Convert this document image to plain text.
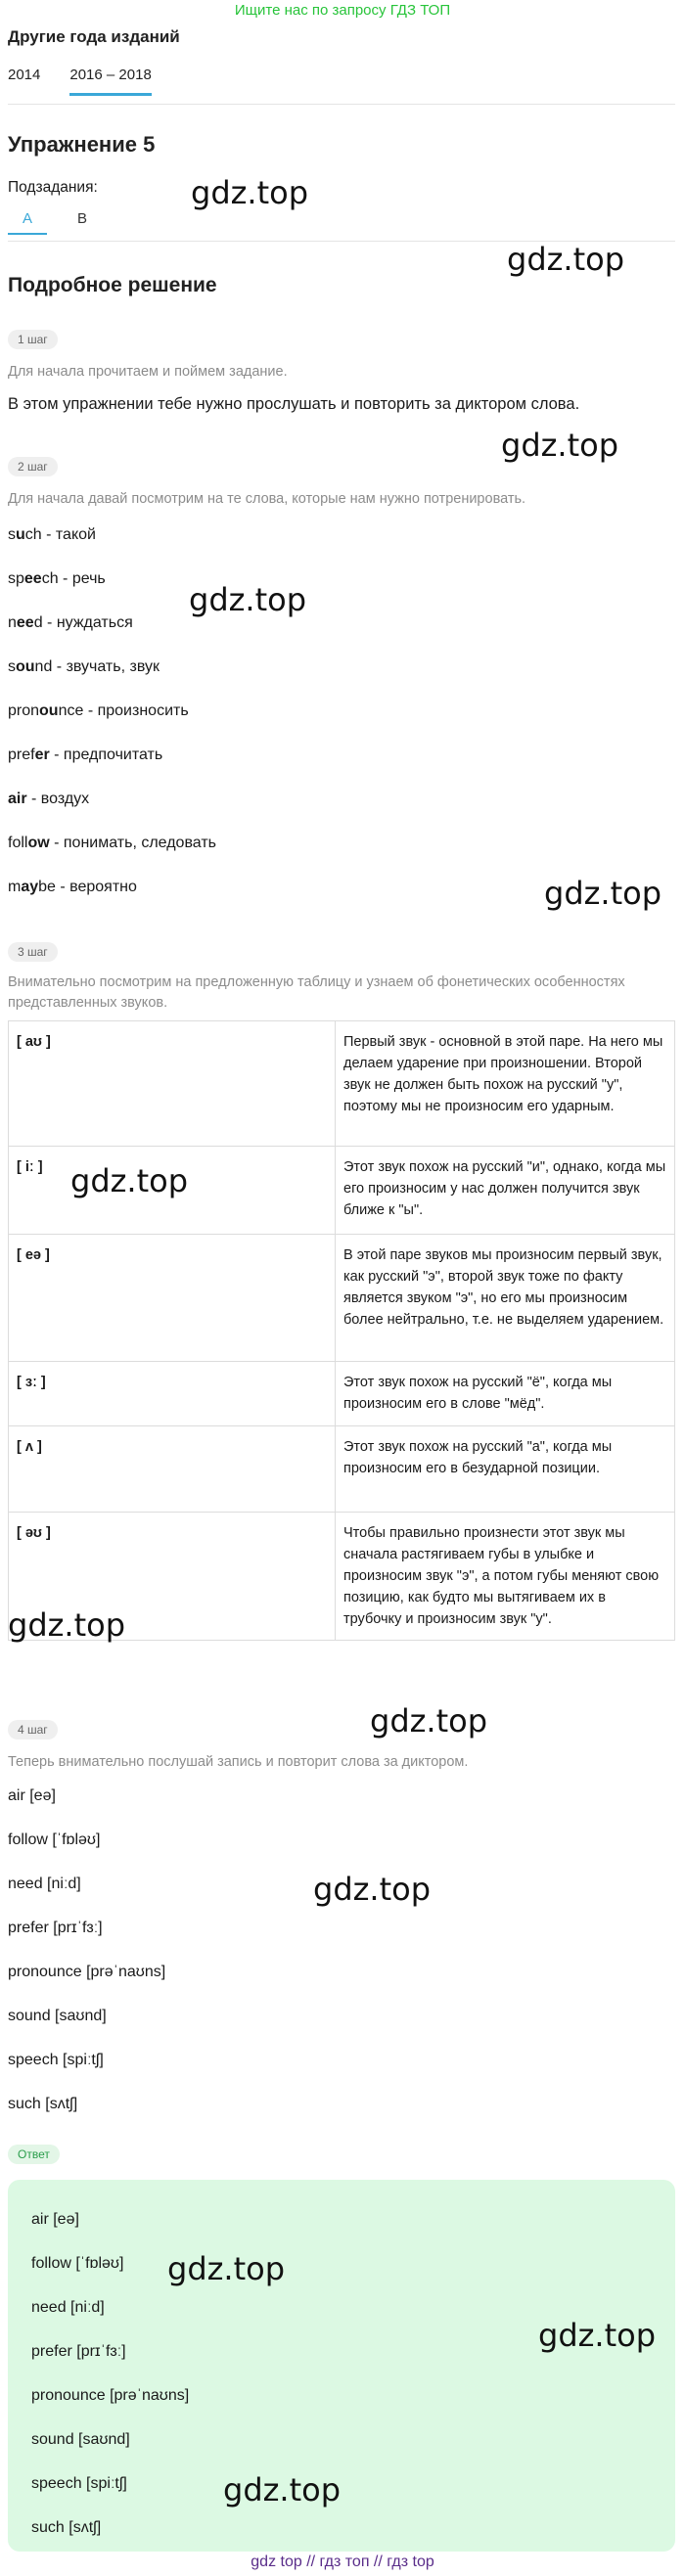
Ищите нас по запросу ГДЗ ТОП
Другие года изданий
2014 2016 – 2018
Упражнение 5
Подзадания:
A	B
Подробное решение
1 шаг
Для начала прочитаем и поймем задание.
В этом упражнении тебе нужно прослушать и повторить за диктором слова.
2 шаг
Для начала давай посмотрим на те слова, которые нам нужно потренировать.
such - такой
speech - речь
need - нуждаться
sound - звучать, звук
pronounce - произносить
prefer - предпочитать
air - воздух
follow - понимать, следовать
maybe - вероятно
3 шаг
Внимательно посмотрим на предложенную таблицу и узнаем об фонетических особенностях представленных звуков.
[ aʊ ]	Первый звук - основной в этой паре. На него мы делаем ударение при произношении. Второй звук не должен быть похож на русский "у", поэтому мы не произносим его ударным.
[ iː ]	Этот звук похож на русский "и", однако, когда мы его произносим у нас должен получится звук ближе к "ы".
[ eə ]	В этой паре звуков мы произносим первый звук, как русский "э", второй звук тоже по факту является звуком "э", но его мы произносим более нейтрально, т.е. не выделяем ударением.
[ ɜː ]	Этот звук похож на русский "ё", когда мы произносим его в слове "мёд".
[ ʌ ]	Этот звук похож на русский "а", когда мы произносим его в безударной позиции.
[ əʊ ]	Чтобы правильно произнести этот звук мы сначала растягиваем губы в улыбке и произносим звук "э", а потом губы меняют свою позицию, как будто мы вытягиваем их в трубочку и произносим звук "у".
4 шаг
Теперь внимательно послушай запись и повторит слова за диктором.
air [eə]
follow [ˈfɒləʊ]
need [niːd]
prefer [prɪˈfɜː]
pronounce [prəˈnaʊns]
sound [saʊnd]
speech [spiːtʃ]
such [sʌtʃ]
Ответ
air [eə]
follow [ˈfɒləʊ]
need [niːd]
prefer [prɪˈfɜː]
pronounce [prəˈnaʊns]
sound [saʊnd]
speech [spiːtʃ]
such [sʌtʃ]
gdz.top
gdz.top
gdz.top
gdz.top
gdz.top
gdz.top
gdz.top
gdz.top
gdz.top
gdz.top
gdz.top
gdz.top
gdz top // гдз топ // гдз top
